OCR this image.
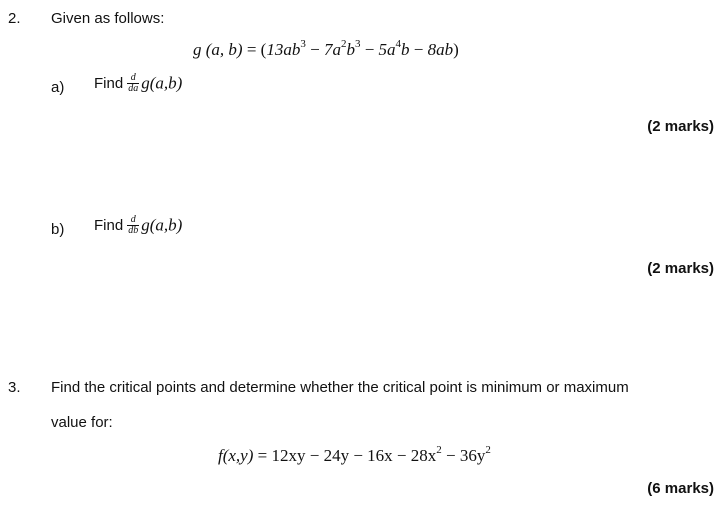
2. Given as follows:
g (a, $b) = (13ab^3 - 7a^2b^3 - 5a^4b - 8ab)$
a) Find $\frac{d}{da} g(a,b)$
(2 marks)
b) Find $\frac{d}{db} g(a,b)$
(2 marks)
3. Find the critical points and determine whether the critical point is minimum or maximum
value for:
$f(x,y) = 12xy - 24y - 16x - 28x^2 - 36y^2$
(6 marks)
